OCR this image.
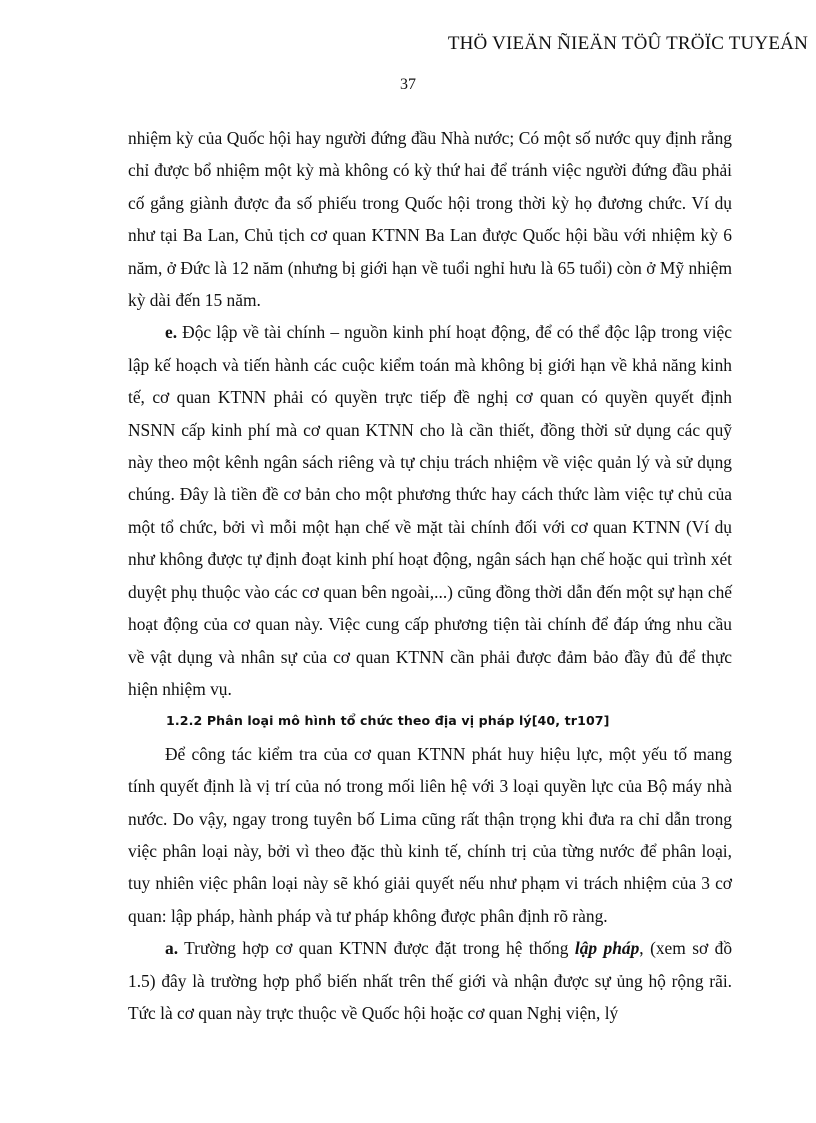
THÖ VIEÄN ÑIEÄN TÖÛ TRÖÏC TUYEÁN
37

nhiệm kỳ của Quốc hội hay người đứng đầu Nhà nước; Có một số nước quy định rằng chỉ được bổ nhiệm một kỳ mà không có kỳ thứ hai để tránh việc người đứng đầu phải cố gắng giành được đa số phiếu trong Quốc hội trong thời kỳ họ đương chức. Ví dụ như tại Ba Lan, Chủ tịch cơ quan KTNN Ba Lan được Quốc hội bầu với nhiệm kỳ 6 năm, ở Đức là 12 năm (nhưng bị giới hạn về tuổi nghỉ hưu là 65 tuổi) còn ở Mỹ nhiệm kỳ dài đến 15 năm.

e. Độc lập về tài chính – nguồn kinh phí hoạt động, để có thể độc lập trong việc lập kế hoạch và tiến hành các cuộc kiểm toán mà không bị giới hạn về khả năng kinh tế, cơ quan KTNN phải có quyền trực tiếp đề nghị cơ quan có quyền quyết định NSNN cấp kinh phí mà cơ quan KTNN cho là cần thiết, đồng thời sử dụng các quỹ này theo một kênh ngân sách riêng và tự chịu trách nhiệm về việc quản lý và sử dụng chúng. Đây là tiền đề cơ bản cho một phương thức hay cách thức làm việc tự chủ của một tổ chức, bởi vì mỗi một hạn chế về mặt tài chính đối với cơ quan KTNN (Ví dụ như không được tự định đoạt kinh phí hoạt động, ngân sách hạn chế hoặc qui trình xét duyệt phụ thuộc vào các cơ quan bên ngoài,...) cũng đồng thời dẫn đến một sự hạn chế hoạt động của cơ quan này. Việc cung cấp phương tiện tài chính để đáp ứng nhu cầu về vật dụng và nhân sự của cơ quan KTNN cần phải được đảm bảo đầy đủ để thực hiện nhiệm vụ.

1.2.2 Phân loại mô hình tổ chức theo địa vị pháp lý[40, tr107]

Để công tác kiểm tra của cơ quan KTNN phát huy hiệu lực, một yếu tố mang tính quyết định là vị trí của nó trong mối liên hệ với 3 loại quyền lực của Bộ máy nhà nước. Do vậy, ngay trong tuyên bố Lima cũng rất thận trọng khi đưa ra chỉ dẫn trong việc phân loại này, bởi vì theo đặc thù kinh tế, chính trị của từng nước để phân loại, tuy nhiên việc phân loại này sẽ khó giải quyết nếu như phạm vi trách nhiệm của 3 cơ quan: lập pháp, hành pháp và tư pháp không được phân định rõ ràng.

a. Trường hợp cơ quan KTNN được đặt trong hệ thống lập pháp, (xem sơ đồ 1.5) đây là trường hợp phổ biến nhất trên thế giới và nhận được sự ủng hộ rộng rãi. Tức là cơ quan này trực thuộc về Quốc hội hoặc cơ quan Nghị viện, lý
